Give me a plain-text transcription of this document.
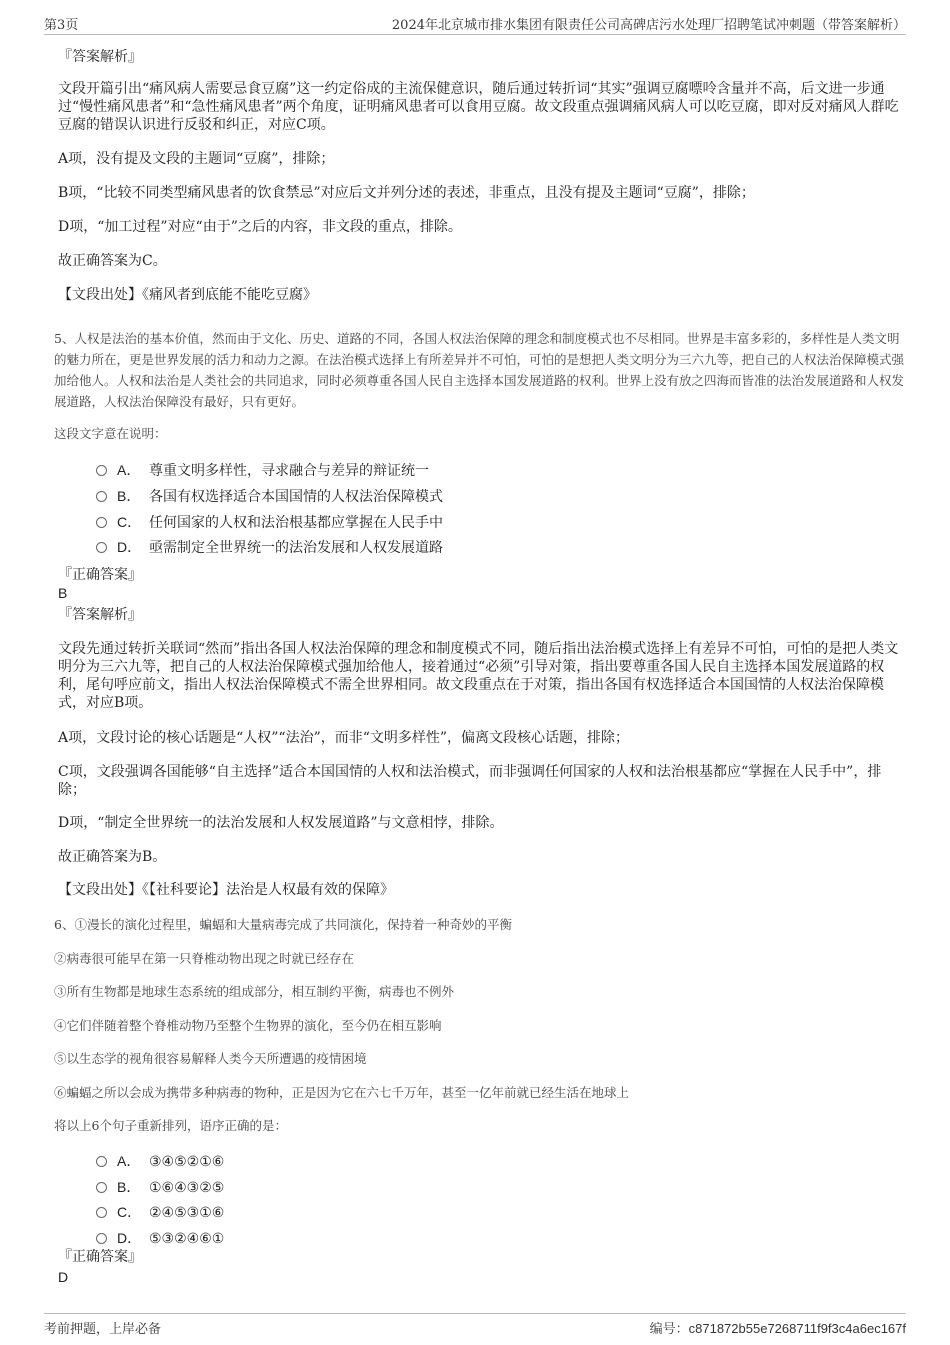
第3页	2024年北京城市排水集团有限责任公司高碑店污水处理厂招聘笔试冲刺题（带答案解析）
『答案解析』
文段开篇引出“痛风病人需要忌食豆腐”这一约定俗成的主流保健意识，随后通过转折词“其实”强调豆腐嘌呤含量并不高，后文进一步通过“慢性痛风患者”和“急性痛风患者”两个角度，证明痛风患者可以食用豆腐。故文段重点强调痛风病人可以吃豆腐，即对反对痛风人群吃豆腐的错误认识进行反驳和纠正，对应C项。
A项，没有提及文段的主题词“豆腐”，排除；
B项，“比较不同类型痛风患者的饮食禁忌”对应后文并列分述的表述，非重点，且没有提及主题词“豆腐”，排除；
D项，“加工过程”对应“由于”之后的内容，非文段的重点，排除。
故正确答案为C。
【文段出处】《痛风者到底能不能吃豆腐》
5、人权是法治的基本价值，然而由于文化、历史、道路的不同，各国人权法治保障的理念和制度模式也不尽相同。世界是丰富多彩的，多样性是人类文明的魅力所在，更是世界发展的活力和动力之源。在法治模式选择上有所差异并不可怕，可怕的是想把人类文明分为三六九等，把自己的人权法治保障模式强加给他人。人权和法治是人类社会的共同追求，同时必须尊重各国人民自主选择本国发展道路的权利。世界上没有放之四海而皆准的法治发展道路和人权发展道路，人权法治保障没有最好，只有更好。
这段文字意在说明：
A． 尊重文明多样性，寻求融合与差异的辩证统一
B． 各国有权选择适合本国国情的人权法治保障模式
C． 任何国家的人权和法治根基都应掌握在人民手中
D． 亟需制定全世界统一的法治发展和人权发展道路
『正确答案』
B
『答案解析』
文段先通过转折关联词“然而”指出各国人权法治保障的理念和制度模式不同，随后指出法治模式选择上有差异不可怕，可怕的是把人类文明分为三六九等，把自己的人权法治保障模式强加给他人，接着通过“必须”引导对策，指出要尊重各国人民自主选择本国发展道路的权利，尾句呼应前文，指出人权法治保障模式不需全世界相同。故文段重点在于对策，指出各国有权选择适合本国国情的人权法治保障模式，对应B项。
A项，文段讨论的核心话题是“人权”“法治”，而非“文明多样性”，偏离文段核心话题，排除；
C项，文段强调各国能够“自主选择”适合本国国情的人权和法治模式，而非强调任何国家的人权和法治根基都应“掌握在人民手中”，排除；
D项，“制定全世界统一的法治发展和人权发展道路”与文意相悖，排除。
故正确答案为B。
【文段出处】《【社科要论】法治是人权最有效的保障》
6、①漫长的演化过程里，蝙蝠和大量病毒完成了共同演化，保持着一种奇妙的平衡
②病毒很可能早在第一只脊椎动物出现之时就已经存在
③所有生物都是地球生态系统的组成部分，相互制约平衡，病毒也不例外
④它们伴随着整个脊椎动物乃至整个生物界的演化，至今仍在相互影响
⑤以生态学的视角很容易解释人类今天所遭遇的疫情困境
⑥蝙蝠之所以会成为携带多种病毒的物种，正是因为它在六七千万年，甚至一亿年前就已经生活在地球上
将以上6个句子重新排列，语序正确的是：
A． ③④⑤②①⑥
B． ①⑥④③②⑤
C． ②④⑤③①⑥
D． ⑤③②④⑥①
『正确答案』
D
考前押题，上岸必备	编号：c871872b55e7268711f9f3c4a6ec167f
